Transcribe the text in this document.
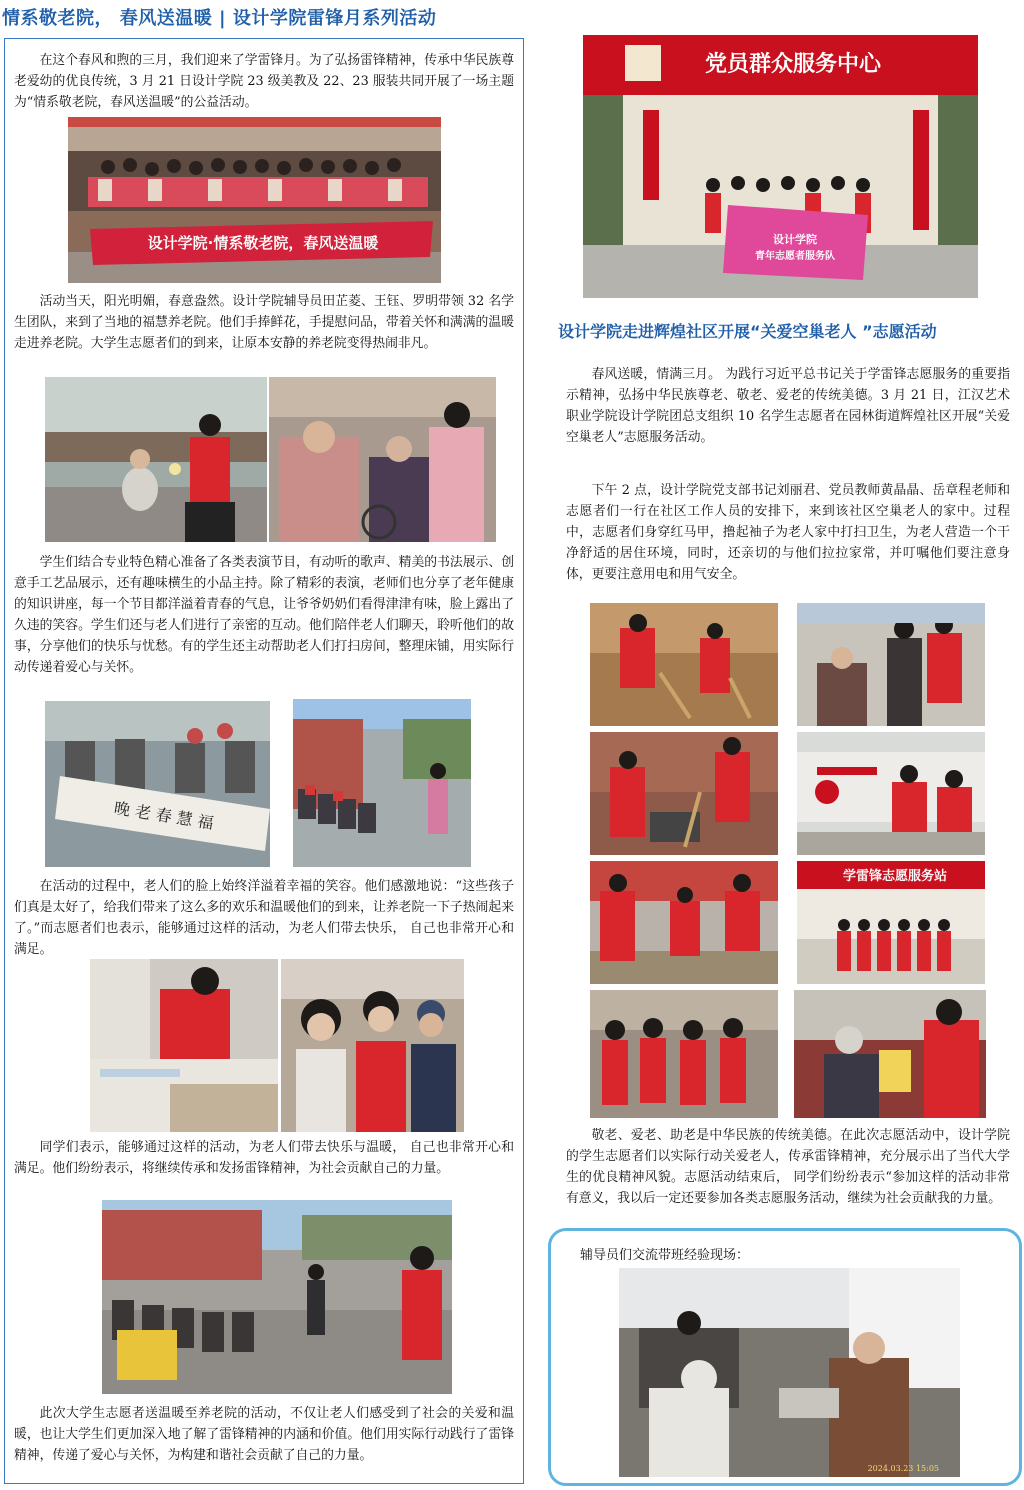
情系敬老院， 春风送温暖 | 设计学院雷锋月系列活动

在这个春风和煦的三月，我们迎来了学雷锋月。为了弘扬雷锋精神，传承中华民族尊老爱幼的优良传统，3 月 21 日设计学院 23 级美教及 22、23 服装共同开展了一场主题为“情系敬老院，春风送温暖”的公益活动。

设计学院·情系敬老院，春风送温暖

活动当天，阳光明媚，春意盎然。设计学院辅导员田芷菱、王钰、罗明带领 32 名学生团队，来到了当地的福慧养老院。他们手捧鲜花，手提慰问品，带着关怀和满满的温暖走进养老院。大学生志愿者们的到来，让原本安静的养老院变得热闹非凡。

学生们结合专业特色精心准备了各类表演节目，有动听的歌声、精美的书法展示、创意手工艺品展示，还有趣味横生的小品主持。除了精彩的表演，老师们也分享了老年健康的知识讲座，每一个节目都洋溢着青春的气息，让爷爷奶奶们看得津津有味，脸上露出了久违的笑容。学生们还与老人们进行了亲密的互动。他们陪伴老人们聊天，聆听他们的故事，分享他们的快乐与忧愁。有的学生还主动帮助老人们打扫房间，整理床铺，用实际行动传递着爱心与关怀。

晚 老 春 慧 福

在活动的过程中，老人们的脸上始终洋溢着幸福的笑容。他们感激地说：“这些孩子们真是太好了，给我们带来了这么多的欢乐和温暖他们的到来，让养老院一下子热闹起来了。”而志愿者们也表示，能够通过这样的活动，为老人们带去快乐， 自己也非常开心和满足。

同学们表示，能够通过这样的活动，为老人们带去快乐与温暖， 自己也非常开心和满足。他们纷纷表示，将继续传承和发扬雷锋精神，为社会贡献自己的力量。

此次大学生志愿者送温暖至养老院的活动，不仅让老人们感受到了社会的关爱和温暖，也让大学生们更加深入地了解了雷锋精神的内涵和价值。他们用实际行动践行了雷锋精神，传递了爱心与关怀，为构建和谐社会贡献了自己的力量。

党员群众服务中心
设计学院
青年志愿者服务队
设计学院走进辉煌社区开展“关爱空巢老人 ”志愿活动

春风送暖，情满三月。 为践行习近平总书记关于学雷锋志愿服务的重要指示精神，弘扬中华民族尊老、敬老、爱老的传统美德。3 月 21 日，江汉艺术职业学院设计学院团总支组织 10 名学生志愿者在园林街道辉煌社区开展“关爱空巢老人”志愿服务活动。

下午 2 点，设计学院党支部书记刘丽君、党员教师黄晶晶、岳章程老师和志愿者们一行在社区工作人员的安排下，来到该社区空巢老人的家中。过程中，志愿者们身穿红马甲，撸起袖子为老人家中打扫卫生，为老人营造一个干净舒适的居住环境，同时，还亲切的与他们拉拉家常，并叮嘱他们要注意身体，更要注意用电和用气安全。

学雷锋志愿服务站

敬老、爱老、助老是中华民族的传统美德。在此次志愿活动中，设计学院的学生志愿者们以实际行动关爱老人，传承雷锋精神，充分展示出了当代大学生的优良精神风貌。志愿活动结束后， 同学们纷纷表示“参加这样的活动非常有意义，我以后一定还要参加各类志愿服务活动，继续为社会贡献我的力量。

辅导员们交流带班经验现场：
2024.03.23 15:05
